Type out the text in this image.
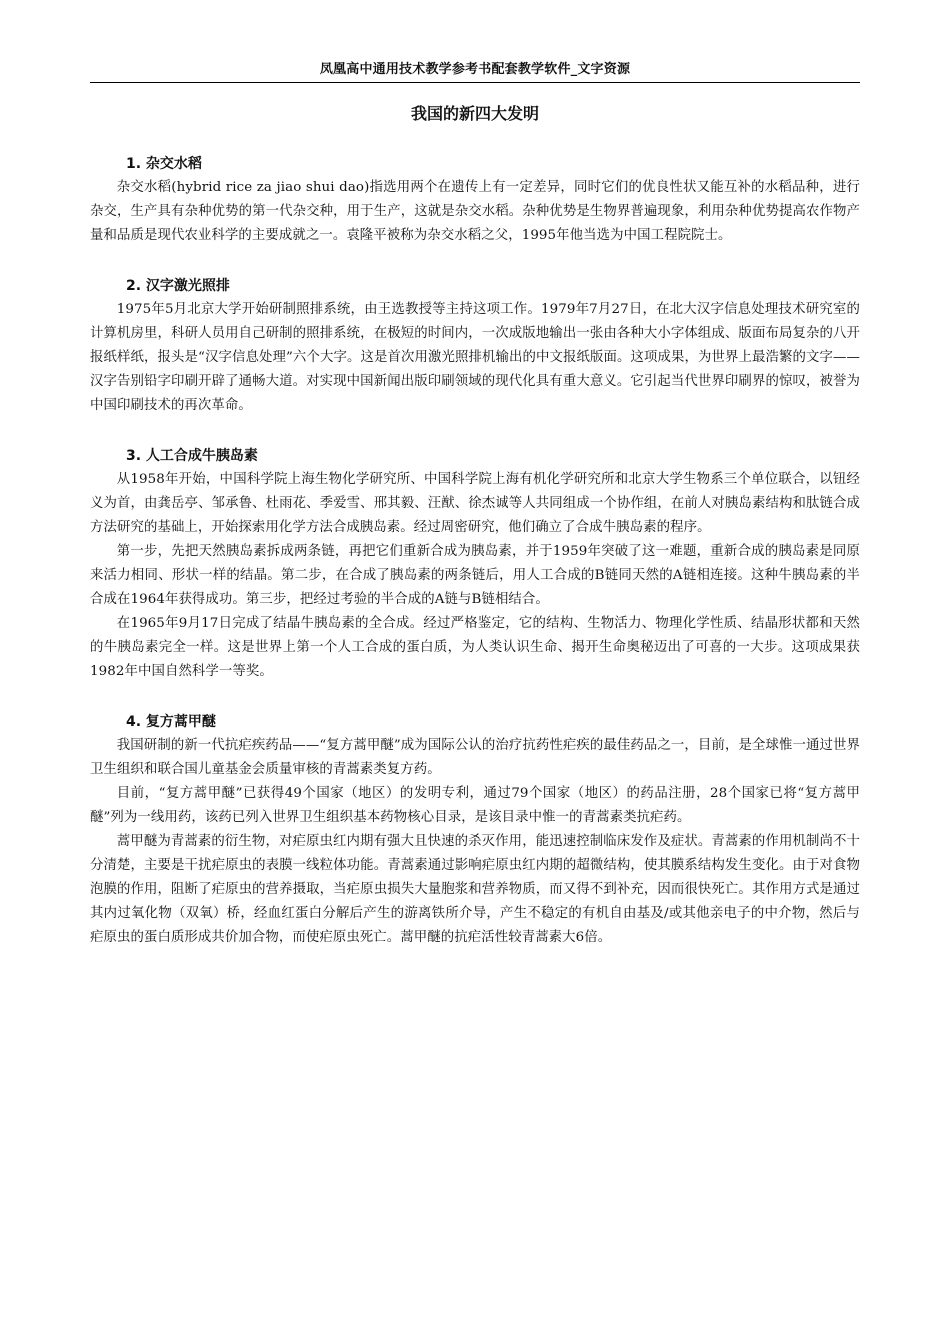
凤凰高中通用技术教学参考书配套教学软件_文字资源
我国的新四大发明
1. 杂交水稻

杂交水稻(hybrid rice za jiao shui dao)指选用两个在遗传上有一定差异，同时它们的优良性状又能互补的水稻品种，进行杂交，生产具有杂种优势的第一代杂交种，用于生产，这就是杂交水稻。杂种优势是生物界普遍现象，利用杂种优势提高农作物产量和品质是现代农业科学的主要成就之一。袁隆平被称为杂交水稻之父，1995年他当选为中国工程院院士。

2. 汉字激光照排

1975年5月北京大学开始研制照排系统，由王选教授等主持这项工作。1979年7月27日，在北大汉字信息处理技术研究室的计算机房里，科研人员用自己研制的照排系统，在极短的时间内，一次成版地输出一张由各种大小字体组成、版面布局复杂的八开报纸样纸，报头是“汉字信息处理”六个大字。这是首次用激光照排机输出的中文报纸版面。这项成果，为世界上最浩繁的文字——汉字告别铅字印刷开辟了通畅大道。对实现中国新闻出版印刷领域的现代化具有重大意义。它引起当代世界印刷界的惊叹，被誉为中国印刷技术的再次革命。

3. 人工合成牛胰岛素

从1958年开始，中国科学院上海生物化学研究所、中国科学院上海有机化学研究所和北京大学生物系三个单位联合，以钮经义为首，由龚岳亭、邹承鲁、杜雨花、季爱雪、邢其毅、汪猷、徐杰诚等人共同组成一个协作组，在前人对胰岛素结构和肽链合成方法研究的基础上，开始探索用化学方法合成胰岛素。经过周密研究，他们确立了合成牛胰岛素的程序。

第一步，先把天然胰岛素拆成两条链，再把它们重新合成为胰岛素，并于1959年突破了这一难题，重新合成的胰岛素是同原来活力相同、形状一样的结晶。第二步，在合成了胰岛素的两条链后，用人工合成的B链同天然的A链相连接。这种牛胰岛素的半合成在1964年获得成功。第三步，把经过考验的半合成的A链与B链相结合。

在1965年9月17日完成了结晶牛胰岛素的全合成。经过严格鉴定，它的结构、生物活力、物理化学性质、结晶形状都和天然的牛胰岛素完全一样。这是世界上第一个人工合成的蛋白质，为人类认识生命、揭开生命奥秘迈出了可喜的一大步。这项成果获1982年中国自然科学一等奖。

4. 复方蒿甲醚

我国研制的新一代抗疟疾药品——“复方蒿甲醚”成为国际公认的治疗抗药性疟疾的最佳药品之一，目前，是全球惟一通过世界卫生组织和联合国儿童基金会质量审核的青蒿素类复方药。

目前，“复方蒿甲醚”已获得49个国家（地区）的发明专利，通过79个国家（地区）的药品注册，28个国家已将“复方蒿甲醚”列为一线用药，该药已列入世界卫生组织基本药物核心目录，是该目录中惟一的青蒿素类抗疟药。

蒿甲醚为青蒿素的衍生物，对疟原虫红内期有强大且快速的杀灭作用，能迅速控制临床发作及症状。青蒿素的作用机制尚不十分清楚，主要是干扰疟原虫的表膜一线粒体功能。青蒿素通过影响疟原虫红内期的超微结构，使其膜系结构发生变化。由于对食物泡膜的作用，阻断了疟原虫的营养摄取，当疟原虫损失大量胞浆和营养物质，而又得不到补充，因而很快死亡。其作用方式是通过其内过氧化物（双氧）桥，经血红蛋白分解后产生的游离铁所介导，产生不稳定的有机自由基及/或其他亲电子的中介物，然后与疟原虫的蛋白质形成共价加合物，而使疟原虫死亡。蒿甲醚的抗疟活性较青蒿素大6倍。
